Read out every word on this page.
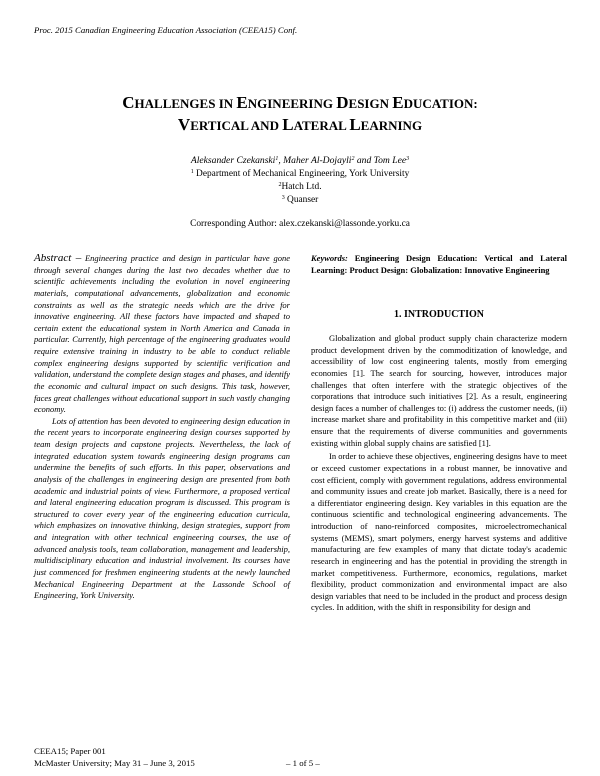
Proc. 2015 Canadian Engineering Education Association (CEEA15) Conf.
CHALLENGES IN ENGINEERING DESIGN EDUCATION:
VERTICAL AND LATERAL LEARNING
Aleksander Czekanski$^1$, Maher Al-Dojayli$^2$ and Tom Lee$^3$
$^1$ Department of Mechanical Engineering, York University
$^2$Hatch Ltd.
$^3$ Quanser
Corresponding Author: alex.czekanski@lassonde.yorku.ca

Abstract – Engineering practice and design in particular have gone through several changes during the last two decades whether due to scientific achievements including the evolution in novel engineering materials, computational advancements, globalization and economic constraints as well as the strategic needs which are the drive for innovative engineering. All these factors have impacted and shaped to certain extent the educational system in North America and Canada in particular. Currently, high percentage of the engineering graduates would require extensive training in industry to be able to conduct reliable complex engineering designs supported by scientific verification and validation, understand the complete design stages and phases, and identify the economic and cultural impact on such designs. This task, however, faces great challenges without educational support in such vastly changing economy.

Lots of attention has been devoted to engineering design education in the recent years to incorporate engineering design courses supported by team design projects and capstone projects. Nevertheless, the lack of integrated education system towards engineering design programs can undermine the benefits of such efforts. In this paper, observations and analysis of the challenges in engineering design are presented from both academic and industrial points of view. Furthermore, a proposed vertical and lateral engineering education program is discussed. This program is structured to cover every year of the engineering education curricula, which emphasizes on innovative thinking, design strategies, support from and integration with other technical engineering courses, the use of advanced analysis tools, team collaboration, management and leadership, multidisciplinary education and industrial involvement. Its courses have just commenced for freshmen engineering students at the newly launched Mechanical Engineering Department at the Lassonde School of Engineering, York University.

Keywords: Engineering Design Education: Vertical and Lateral Learning: Product Design: Globalization: Innovative Engineering
1. INTRODUCTION

Globalization and global product supply chain characterize modern product development driven by the commoditization of knowledge, and accessibility of low cost engineering talents, mostly from emerging economies [1]. The search for sourcing, however, introduces major challenges that often interfere with the strategic objectives of the corporations that introduce such initiatives [2]. As a result, engineering design faces a number of challenges to: (i) address the customer needs, (ii) increase market share and profitability in this competitive market and (iii) ensure that the requirements of diverse communities and governments existing within global supply chains are satisfied [1].

In order to achieve these objectives, engineering designs have to meet or exceed customer expectations in a robust manner, be innovative and cost efficient, comply with government regulations, address environmental and community issues and create job market. Basically, there is a need for a differentiator engineering design. Key variables in this equation are the continuous scientific and technological engineering advancements. The introduction of nano-reinforced composites, microelectromechanical systems (MEMS), smart polymers, energy harvest systems and additive manufacturing are few examples of many that dictate today's academic research in engineering and has the potential in providing the strength in market competitiveness. Furthermore, economics, regulations, market flexibility, product commonization and environmental impact are also design variables that need to be included in the product and process design cycles. In addition, with the shift in responsibility for design and

CEEA15; Paper 001
McMaster University; May 31 – June 3, 2015	– 1 of 5 –
